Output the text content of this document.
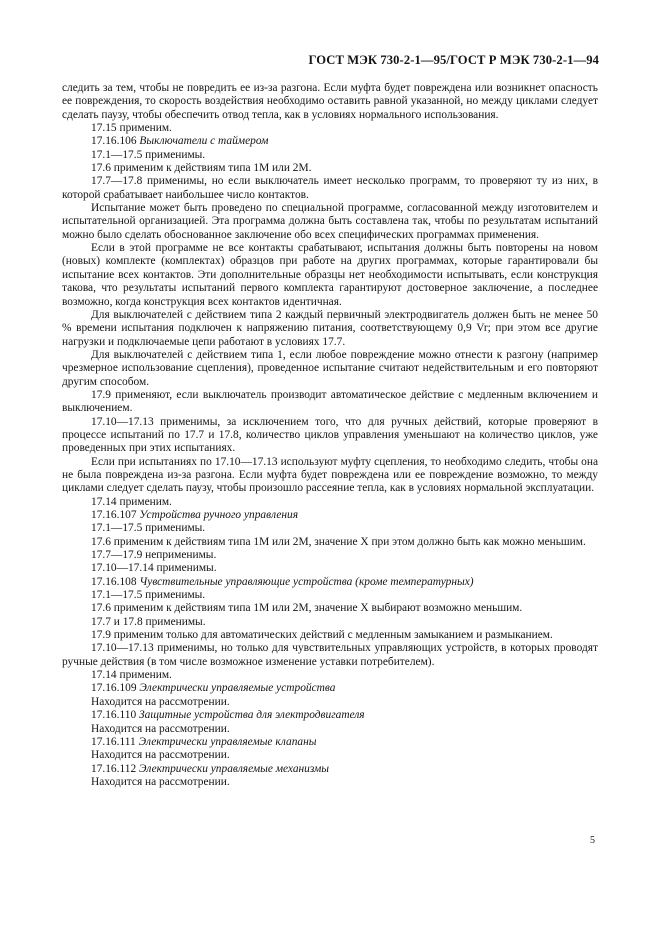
ГОСТ МЭК 730-2-1—95/ГОСТ Р МЭК 730-2-1—94

следить за тем, чтобы не повредить ее из-за разгона. Если муфта будет повреждена или возникнет опасность ее повреждения, то скорость воздействия необходимо оставить равной указанной, но между циклами следует сделать паузу, чтобы обеспечить отвод тепла, как в условиях нормального использования.

17.15 применим.

17.16.106 Выключатели с таймером

17.1—17.5 применимы.

17.6 применим к действиям типа 1М или 2М.

17.7—17.8 применимы, но если выключатель имеет несколько программ, то проверяют ту из них, в которой срабатывает наибольшее число контактов.

Испытание может быть проведено по специальной программе, согласованной между изготовителем и испытательной организацией. Эта программа должна быть составлена так, чтобы по результатам испытаний можно было сделать обоснованное заключение обо всех специфических программах применения.

Если в этой программе не все контакты срабатывают, испытания должны быть повторены на новом (новых) комплекте (комплектах) образцов при работе на других программах, которые гарантировали бы испытание всех контактов. Эти дополнительные образцы нет необходимости испытывать, если конструкция такова, что результаты испытаний первого комплекта гарантируют достоверное заключение, а последнее возможно, когда конструкция всех контактов идентичная.

Для выключателей с действием типа 2 каждый первичный электродвигатель должен быть не менее 50 % времени испытания подключен к напряжению питания, соответствующему 0,9 Vr; при этом все другие нагрузки и подключаемые цепи работают в условиях 17.7.

Для выключателей с действием типа 1, если любое повреждение можно отнести к разгону (например чрезмерное использование сцепления), проведенное испытание считают недействительным и его повторяют другим способом.

17.9 применяют, если выключатель производит автоматическое действие с медленным включением и выключением.

17.10—17.13 применимы, за исключением того, что для ручных действий, которые проверяют в процессе испытаний по 17.7 и 17.8, количество циклов управления уменьшают на количество циклов, уже проведенных при этих испытаниях.

Если при испытаниях по 17.10—17.13 используют муфту сцепления, то необходимо следить, чтобы она не была повреждена из-за разгона. Если муфта будет повреждена или ее повреждение возможно, то между циклами следует сделать паузу, чтобы произошло рассеяние тепла, как в условиях нормальной эксплуатации.

17.14 применим.

17.16.107 Устройства ручного управления

17.1—17.5 применимы.

17.6 применим к действиям типа 1М или 2М, значение X при этом должно быть как можно меньшим.

17.7—17.9 неприменимы.

17.10—17.14 применимы.

17.16.108 Чувствительные управляющие устройства (кроме температурных)

17.1—17.5 применимы.

17.6 применим к действиям типа 1М или 2М, значение X выбирают возможно меньшим.

17.7 и 17.8 применимы.

17.9 применим только для автоматических действий с медленным замыканием и размыканием.

17.10—17.13 применимы, но только для чувствительных управляющих устройств, в которых проводят ручные действия (в том числе возможное изменение уставки потребителем).

17.14 применим.

17.16.109 Электрически управляемые устройства

Находится на рассмотрении.

17.16.110 Защитные устройства для электродвигателя

Находится на рассмотрении.

17.16.111 Электрически управляемые клапаны

Находится на рассмотрении.

17.16.112 Электрически управляемые механизмы

Находится на рассмотрении.

5
